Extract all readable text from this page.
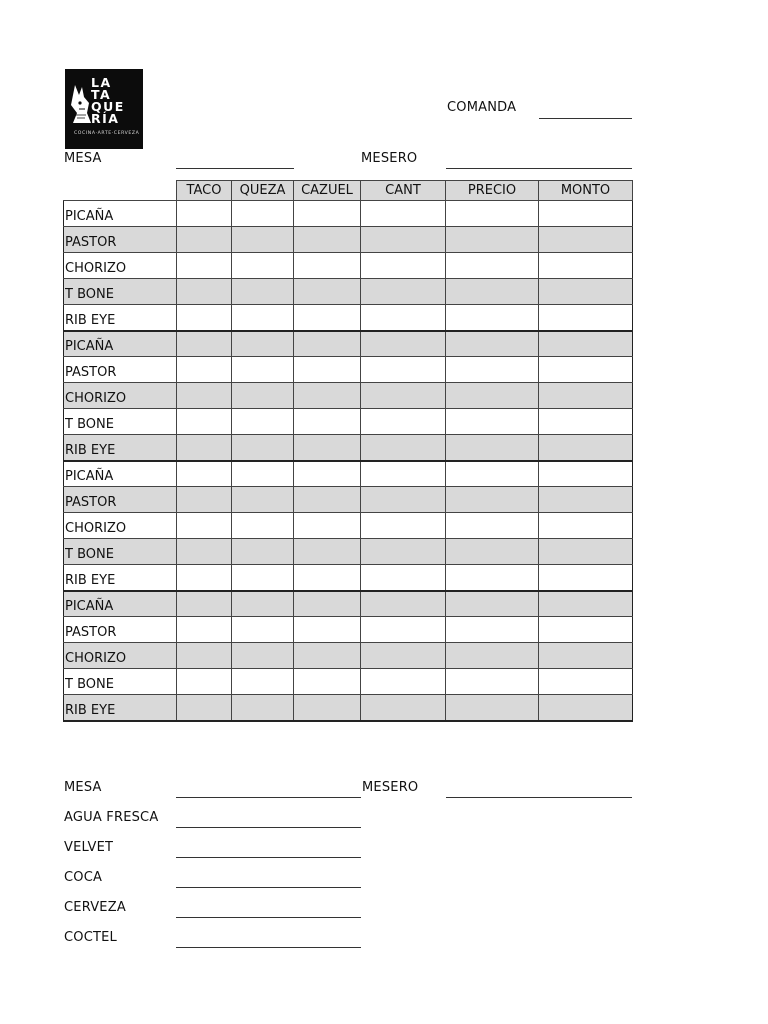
LA
TA
QUE
RÍA
COCINA·ARTE·CERVEZA
COMANDA
MESA	MESERO
	TACO	QUEZA	CAZUEL	CANT	PRECIO	MONTO
PICAÑA						
PASTOR						
CHORIZO						
T BONE						
RIB EYE						
PICAÑA						
PASTOR						
CHORIZO						
T BONE						
RIB EYE						
PICAÑA						
PASTOR						
CHORIZO						
T BONE						
RIB EYE						
PICAÑA						
PASTOR						
CHORIZO						
T BONE						
RIB EYE						
MESA	MESERO
AGUA FRESCA
VELVET
COCA
CERVEZA
COCTEL
